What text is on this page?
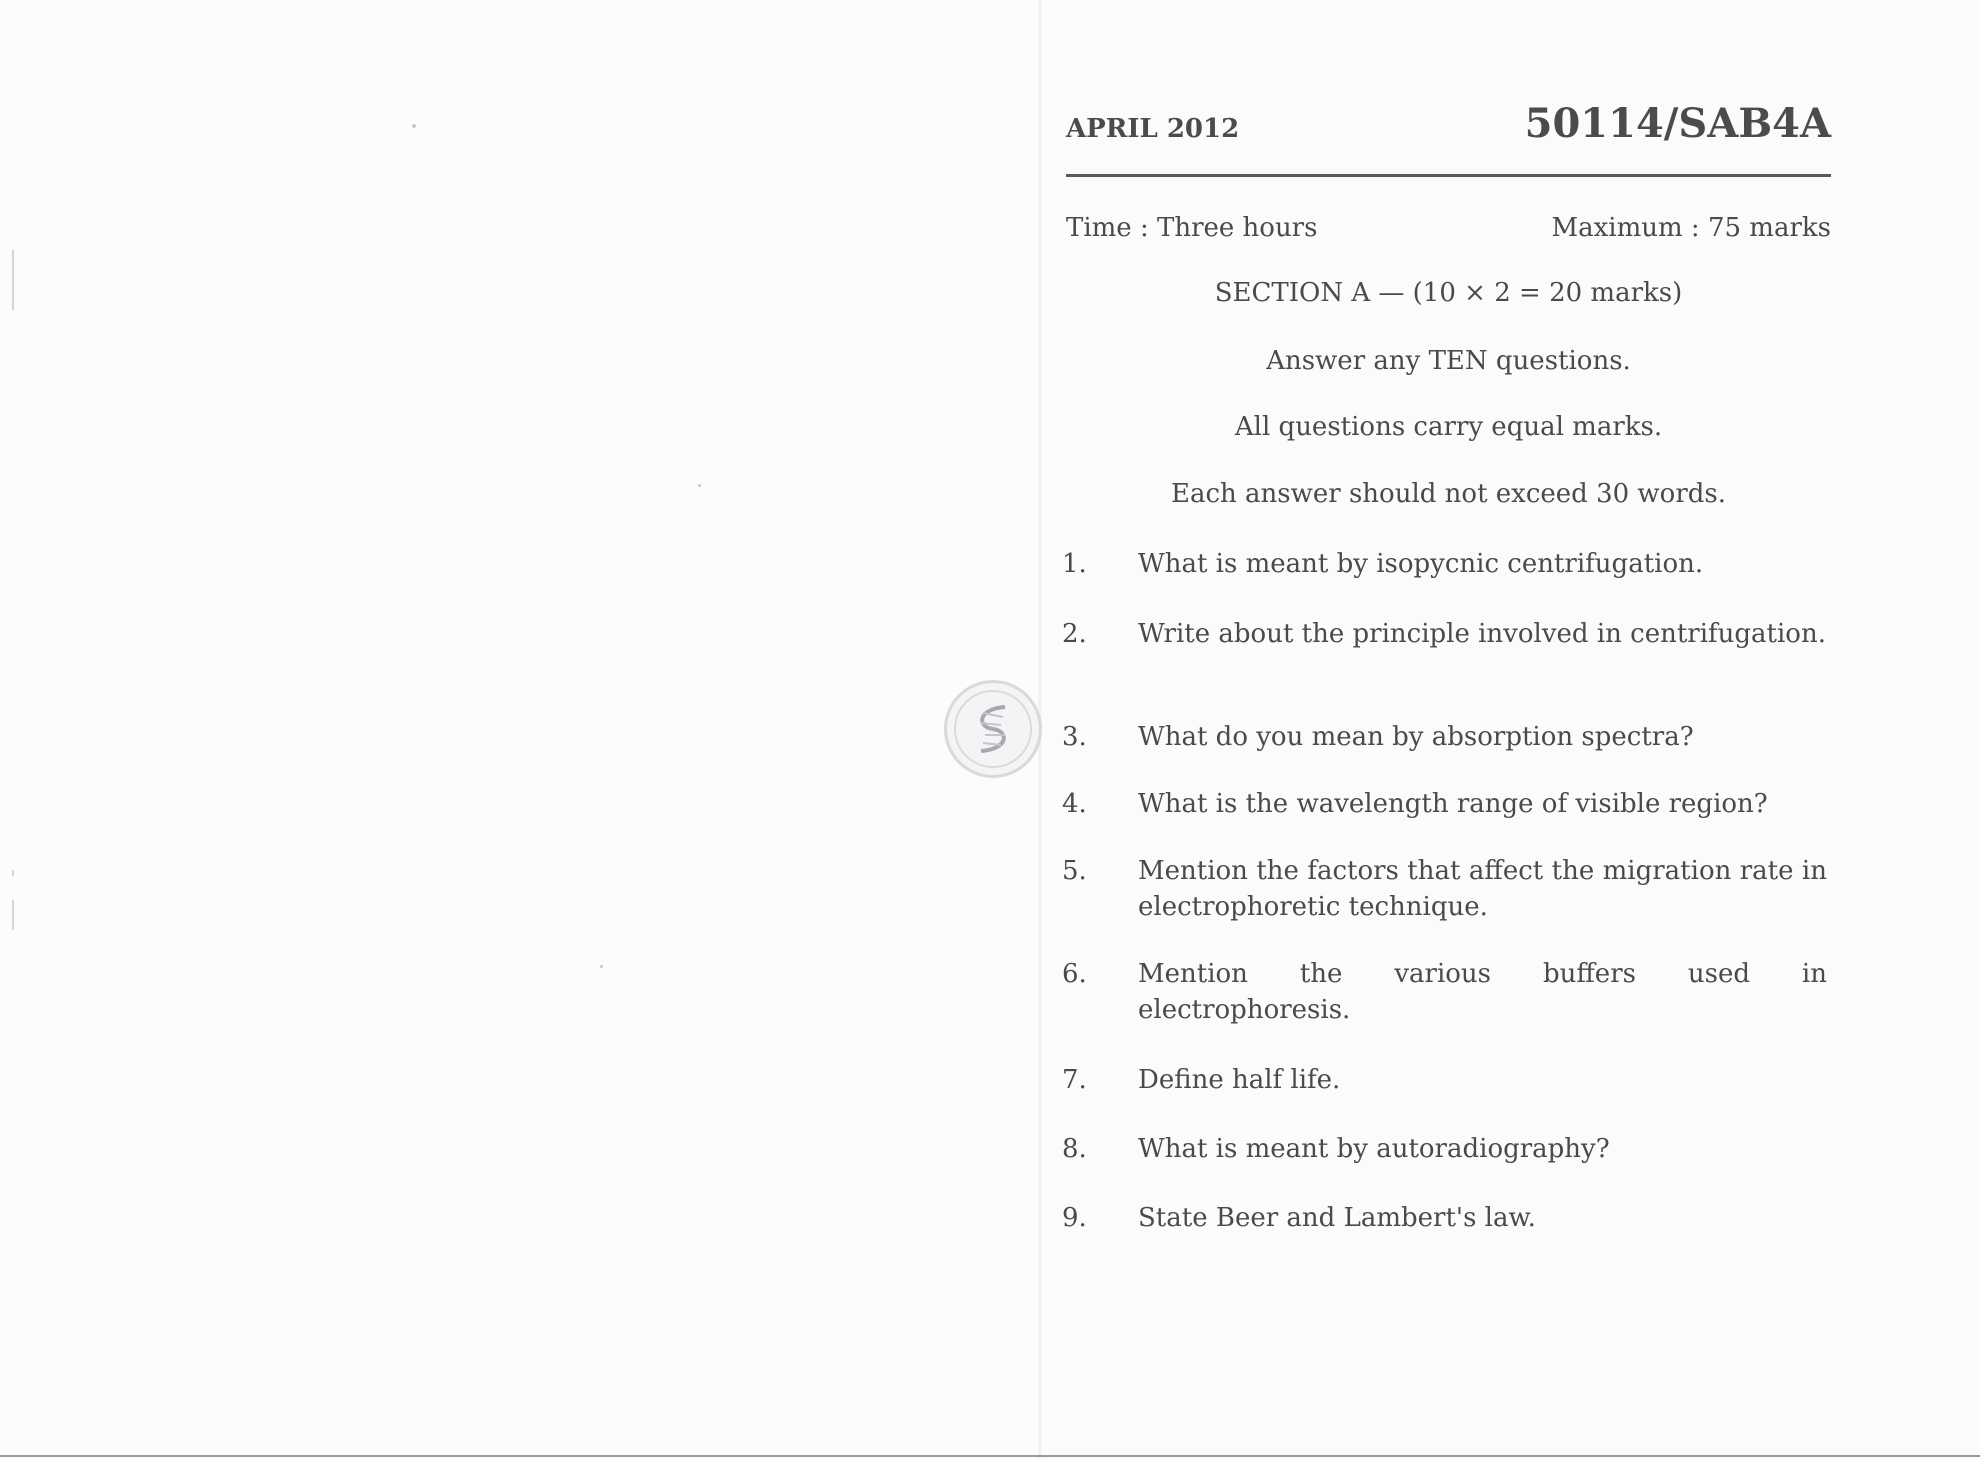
APRIL 2012	50114/SAB4A
Time : Three hours	Maximum : 75 marks
SECTION A — (10 × 2 = 20 marks)
Answer any TEN questions.
All questions carry equal marks.
Each answer should not exceed 30 words.
1.	What is meant by isopycnic centrifugation.
2.	Write about the principle involved in centrifugation.
3.	What do you mean by absorption spectra?
4.	What is the wavelength range of visible region?
5.	Mention the factors that affect the migration rate in electrophoretic technique.
6.	Mention the various buffers used in electrophoresis.
7.	Define half life.
8.	What is meant by autoradiography?
9.	State Beer and Lambert's law.
